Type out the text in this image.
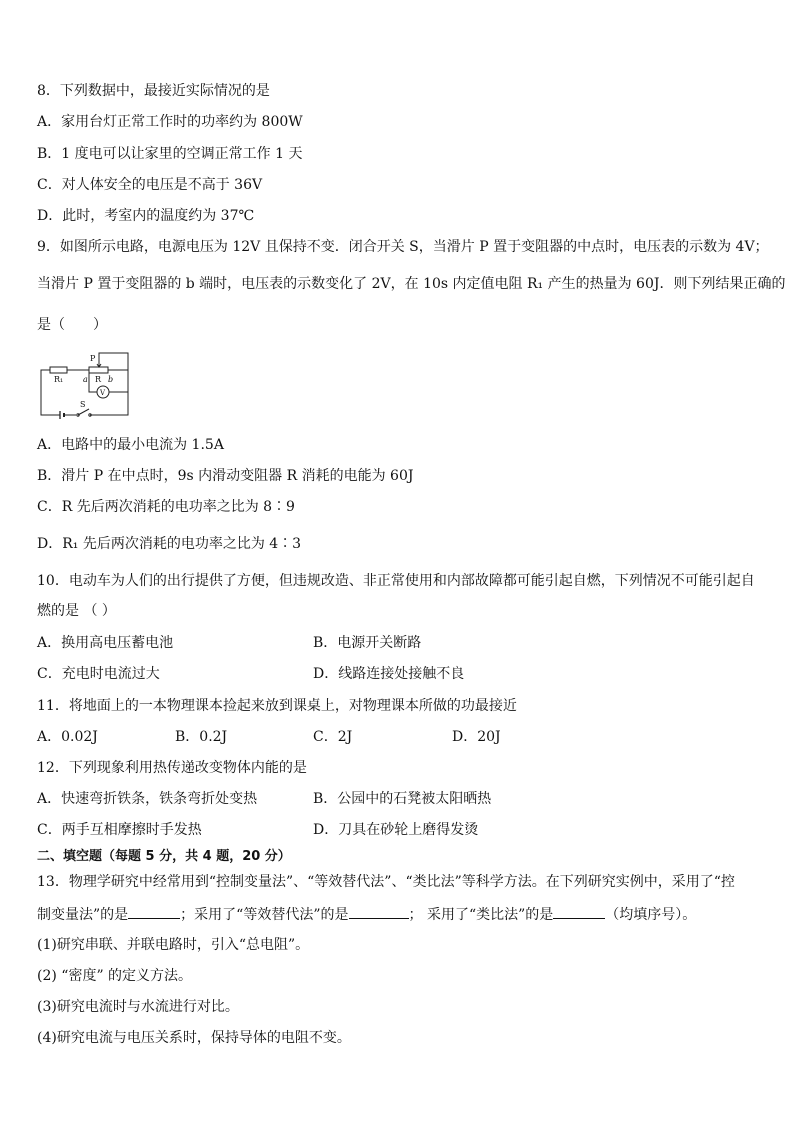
8．下列数据中，最接近实际情况的是
A．家用台灯正常工作时的功率约为 800W
B．1 度电可以让家里的空调正常工作 1 天
C．对人体安全的电压是不高于 36V
D．此时，考室内的温度约为 37℃
9．如图所示电路，电源电压为 12V 且保持不变．闭合开关 S，当滑片 P 置于变阻器的中点时，电压表的示数为 4V；
当滑片 P 置于变阻器的 b 端时，电压表的示数变化了 2V，在 10s 内定值电阻 R₁ 产生的热量为 60J．则下列结果正确的
是（　　）
R₁
P
a R b
V
S
A．电路中的最小电流为 1.5A
B．滑片 P 在中点时，9s 内滑动变阻器 R 消耗的电能为 60J
C．R 先后两次消耗的电功率之比为 8∶9
D．R₁ 先后两次消耗的电功率之比为 4∶3
10．电动车为人们的出行提供了方便，但违规改造、非正常使用和内部故障都可能引起自燃，下列情况不可能引起自
燃的是 （ ）
A．换用高电压蓄电池	B．电源开关断路
C．充电时电流过大	D．线路连接处接触不良
11．将地面上的一本物理课本捡起来放到课桌上，对物理课本所做的功最接近
A．0.02J	B．0.2J	C．2J	D．20J
12．下列现象利用热传递改变物体内能的是
A．快速弯折铁条，铁条弯折处变热	B．公园中的石凳被太阳晒热
C．两手互相摩擦时手发热	D．刀具在砂轮上磨得发烫
二、填空题（每题 5 分，共 4 题，20 分）
13．物理学研究中经常用到“控制变量法”、“等效替代法”、“类比法”等科学方法。在下列研究实例中，采用了“控
制变量法”的是	；采用了“等效替代法”的是	； 采用了“类比法”的是	（均填序号）。
(1)研究串联、并联电路时，引入“总电阻”。
(2) “密度” 的定义方法。
(3)研究电流时与水流进行对比。
(4)研究电流与电压关系时，保持导体的电阻不变。
